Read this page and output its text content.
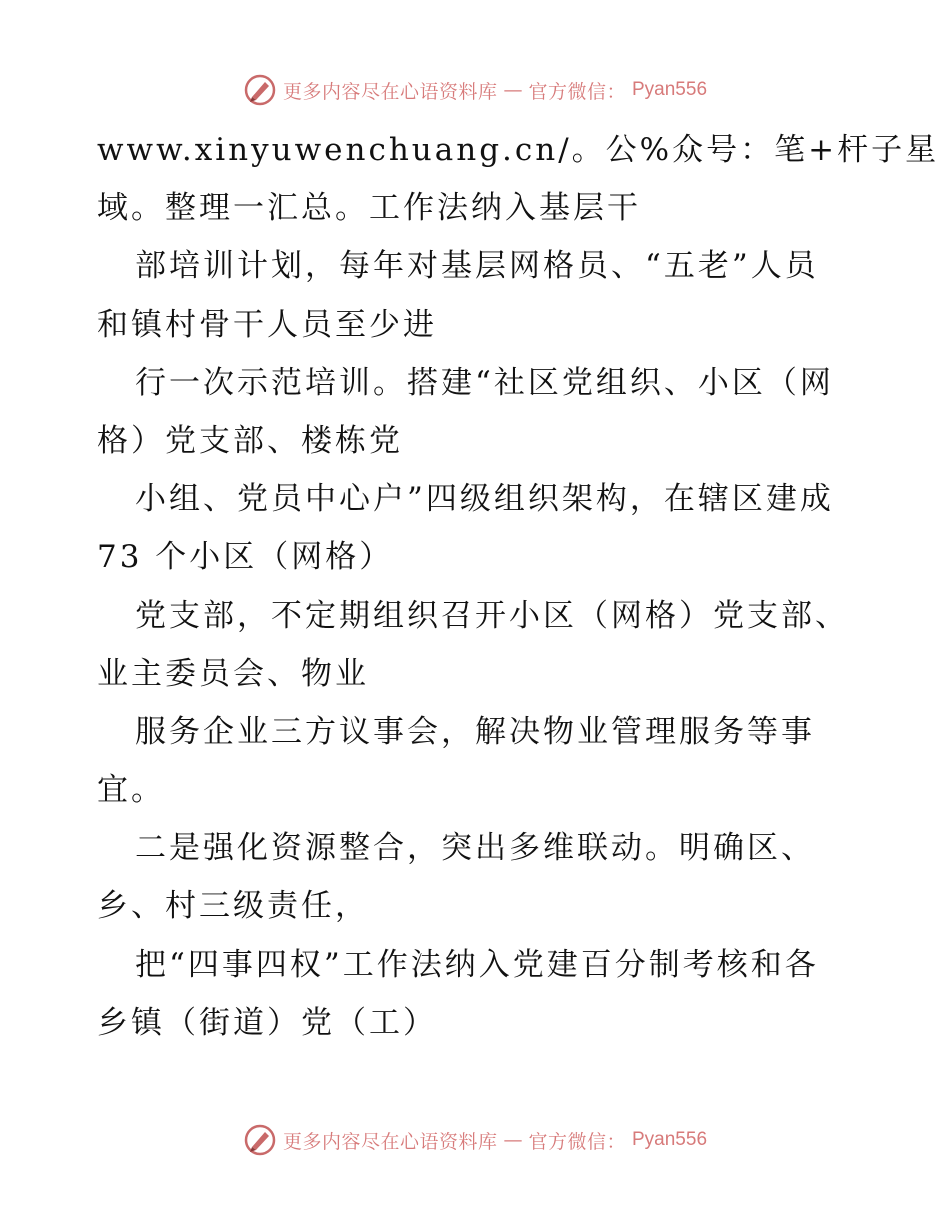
更多内容尽在心语资料库 — 官方微信： Pyan556
www.xinyuwenchuang.cn/。公%众号：笔+杆子星
域。整理一汇总。工作法纳入基层干
部培训计划，每年对基层网格员、“五老”人员
和镇村骨干人员至少进
行一次示范培训。搭建“社区党组织、小区（网
格）党支部、楼栋党
小组、党员中心户”四级组织架构，在辖区建成
73 个小区（网格）
党支部，不定期组织召开小区（网格）党支部、
业主委员会、物业
服务企业三方议事会，解决物业管理服务等事
宜。
二是强化资源整合，突出多维联动。明确区、
乡、村三级责任，
把“四事四权”工作法纳入党建百分制考核和各
乡镇（街道）党（工）
更多内容尽在心语资料库 — 官方微信： Pyan556
